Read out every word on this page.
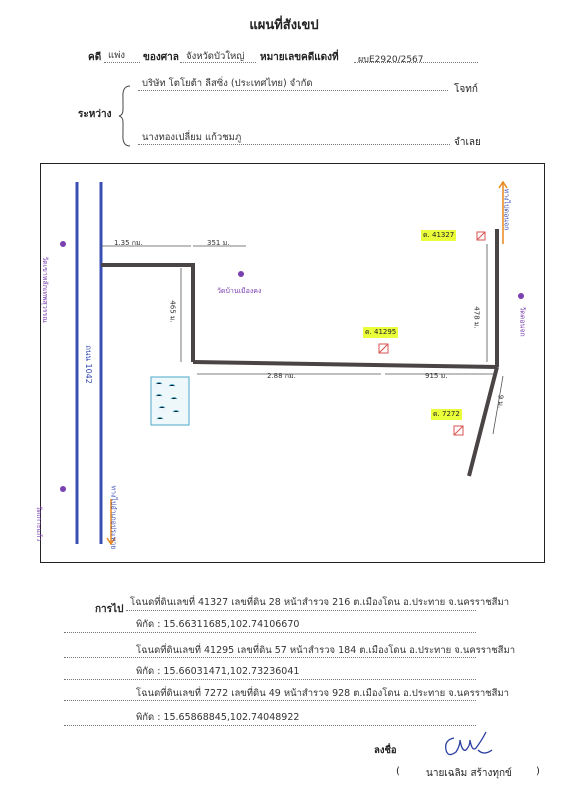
แผนที่สังเขป
คดี แพ่ง ของศาล จังหวัดบัวใหญ่ หมายเลขคดีแดงที่ ผบE2920/2567
ระหว่าง
บริษัท โตโยต้า ลีสซิ่ง (ประเทศไทย) จำกัด
โจทก์
นางทองเปลี่ยม แก้วชมภู	จำเลย
1.35 กม.	351 ม.
465 ม.
2.88 กม.	915 ม.
478 ม.
9 ม.
วัดบ้านเมืองคง
วัดดอนจก
วัดเขาหลักเทพสุวรรณ
วัดเกาะแก้ว
ถนน 1042
ทางไปอำเภอประทาย
ทางไปดอนจก
ด. 41327
ด. 41295
ด. 7272
การไป
โฉนดที่ดินเลขที่ 41327 เลขที่ดิน 28 หน้าสำรวจ 216 ต.เมืองโดน อ.ประทาย จ.นครราชสีมา
พิกัด : 15.66311685,102.74106670
โฉนดที่ดินเลขที่ 41295 เลขที่ดิน 57 หน้าสำรวจ 184 ต.เมืองโดน อ.ประทาย จ.นครราชสีมา
พิกัด : 15.66031471,102.73236041
โฉนดที่ดินเลขที่ 7272 เลขที่ดิน 49 หน้าสำรวจ 928 ต.เมืองโดน อ.ประทาย จ.นครราชสีมา
พิกัด : 15.65868845,102.74048922
ลงชื่อ
(	นายเฉลิม สร้างทุกข์ )
